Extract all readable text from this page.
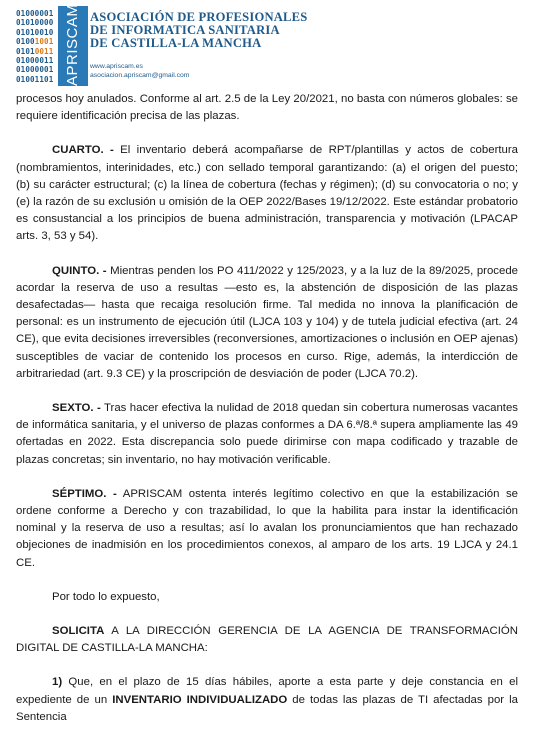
01000001
01010000
01010010
01001001
01010011
01000011
01000001
01001101 APRISCAM ASOCIACIÓN DE PROFESIONALES
DE INFORMATICA SANITARIA
DE CASTILLA-LA MANCHA
www.apriscam.es
asociacion.apriscam@gmail.com

procesos hoy anulados. Conforme al art. 2.5 de la Ley 20/2021, no basta con números globales: se requiere identificación precisa de las plazas.

CUARTO. - El inventario deberá acompañarse de RPT/plantillas y actos de cobertura (nombramientos, interinidades, etc.) con sellado temporal garantizando: (a) el origen del puesto; (b) su carácter estructural; (c) la línea de cobertura (fechas y régimen); (d) su convocatoria o no; y (e) la razón de su exclusión u omisión de la OEP 2022/Bases 19/12/2022. Este estándar probatorio es consustancial a los principios de buena administración, transparencia y motivación (LPACAP arts. 3, 53 y 54).

QUINTO. - Mientras penden los PO 411/2022 y 125/2023, y a la luz de la 89/2025, procede acordar la reserva de uso a resultas —esto es, la abstención de disposición de las plazas desafectadas— hasta que recaiga resolución firme. Tal medida no innova la planificación de personal: es un instrumento de ejecución útil (LJCA 103 y 104) y de tutela judicial efectiva (art. 24 CE), que evita decisiones irreversibles (reconversiones, amortizaciones o inclusión en OEP ajenas) susceptibles de vaciar de contenido los procesos en curso. Rige, además, la interdicción de arbitrariedad (art. 9.3 CE) y la proscripción de desviación de poder (LJCA 70.2).

SEXTO. - Tras hacer efectiva la nulidad de 2018 quedan sin cobertura numerosas vacantes de informática sanitaria, y el universo de plazas conformes a DA 6.ª/8.ª supera ampliamente las 49 ofertadas en 2022. Esta discrepancia solo puede dirimirse con mapa codificado y trazable de plazas concretas; sin inventario, no hay motivación verificable.

SÉPTIMO. - APRISCAM ostenta interés legítimo colectivo en que la estabilización se ordene conforme a Derecho y con trazabilidad, lo que la habilita para instar la identificación nominal y la reserva de uso a resultas; así lo avalan los pronunciamientos que han rechazado objeciones de inadmisión en los procedimientos conexos, al amparo de los arts. 19 LJCA y 24.1 CE.

Por todo lo expuesto,

SOLICITA A LA DIRECCIÓN GERENCIA DE LA AGENCIA DE TRANSFORMACIÓN DIGITAL DE CASTILLA-LA MANCHA:

1) Que, en el plazo de 15 días hábiles, aporte a esta parte y deje constancia en el expediente de un INVENTARIO INDIVIDUALIZADO de todas las plazas de TI afectadas por la Sentencia
